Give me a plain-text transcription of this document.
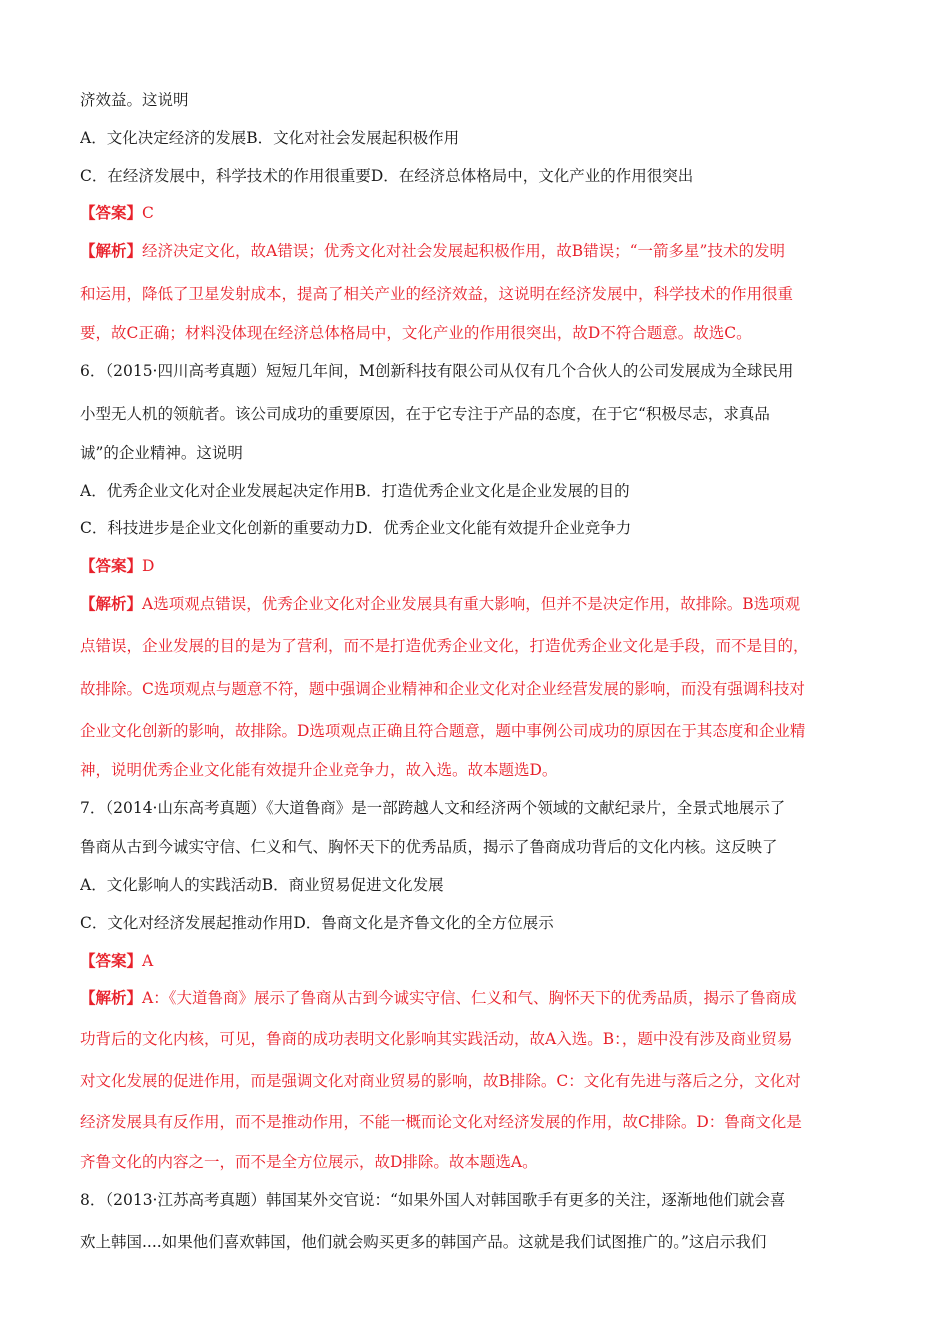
济效益。这说明
A．文化决定经济的发展B．文化对社会发展起积极作用
C．在经济发展中，科学技术的作用很重要D．在经济总体格局中，文化产业的作用很突出
【答案】C
【解析】经济决定文化，故A错误；优秀文化对社会发展起积极作用，故B错误；“一箭多星”技术的发明
和运用，降低了卫星发射成本，提高了相关产业的经济效益，这说明在经济发展中，科学技术的作用很重
要，故C正确；材料没体现在经济总体格局中，文化产业的作用很突出，故D不符合题意。故选C。
6．（2015·四川高考真题）短短几年间，M创新科技有限公司从仅有几个合伙人的公司发展成为全球民用
小型无人机的领航者。该公司成功的重要原因，在于它专注于产品的态度，在于它“积极尽志，求真品
诚”的企业精神。这说明
A．优秀企业文化对企业发展起决定作用B．打造优秀企业文化是企业发展的目的
C．科技进步是企业文化创新的重要动力D．优秀企业文化能有效提升企业竞争力
【答案】D
【解析】A选项观点错误，优秀企业文化对企业发展具有重大影响，但并不是决定作用，故排除。B选项观
点错误，企业发展的目的是为了营利，而不是打造优秀企业文化，打造优秀企业文化是手段，而不是目的，
故排除。C选项观点与题意不符，题中强调企业精神和企业文化对企业经营发展的影响，而没有强调科技对
企业文化创新的影响，故排除。D选项观点正确且符合题意，题中事例公司成功的原因在于其态度和企业精
神，说明优秀企业文化能有效提升企业竞争力，故入选。故本题选D。
7．（2014·山东高考真题）《大道鲁商》是一部跨越人文和经济两个领域的文献纪录片，全景式地展示了
鲁商从古到今诚实守信、仁义和气、胸怀天下的优秀品质，揭示了鲁商成功背后的文化内核。这反映了
A．文化影响人的实践活动B．商业贸易促进文化发展
C．文化对经济发展起推动作用D．鲁商文化是齐鲁文化的全方位展示
【答案】A
【解析】A：《大道鲁商》展示了鲁商从古到今诚实守信、仁义和气、胸怀天下的优秀品质，揭示了鲁商成
功背后的文化内核，可见，鲁商的成功表明文化影响其实践活动，故A入选。B：，题中没有涉及商业贸易
对文化发展的促进作用，而是强调文化对商业贸易的影响，故B排除。C：文化有先进与落后之分，文化对
经济发展具有反作用，而不是推动作用，不能一概而论文化对经济发展的作用，故C排除。D：鲁商文化是
齐鲁文化的内容之一，而不是全方位展示，故D排除。故本题选A。
8．（2013·江苏高考真题）韩国某外交官说：“如果外国人对韩国歌手有更多的关注，逐渐地他们就会喜
欢上韩国....如果他们喜欢韩国，他们就会购买更多的韩国产品。这就是我们试图推广的。”这启示我们
